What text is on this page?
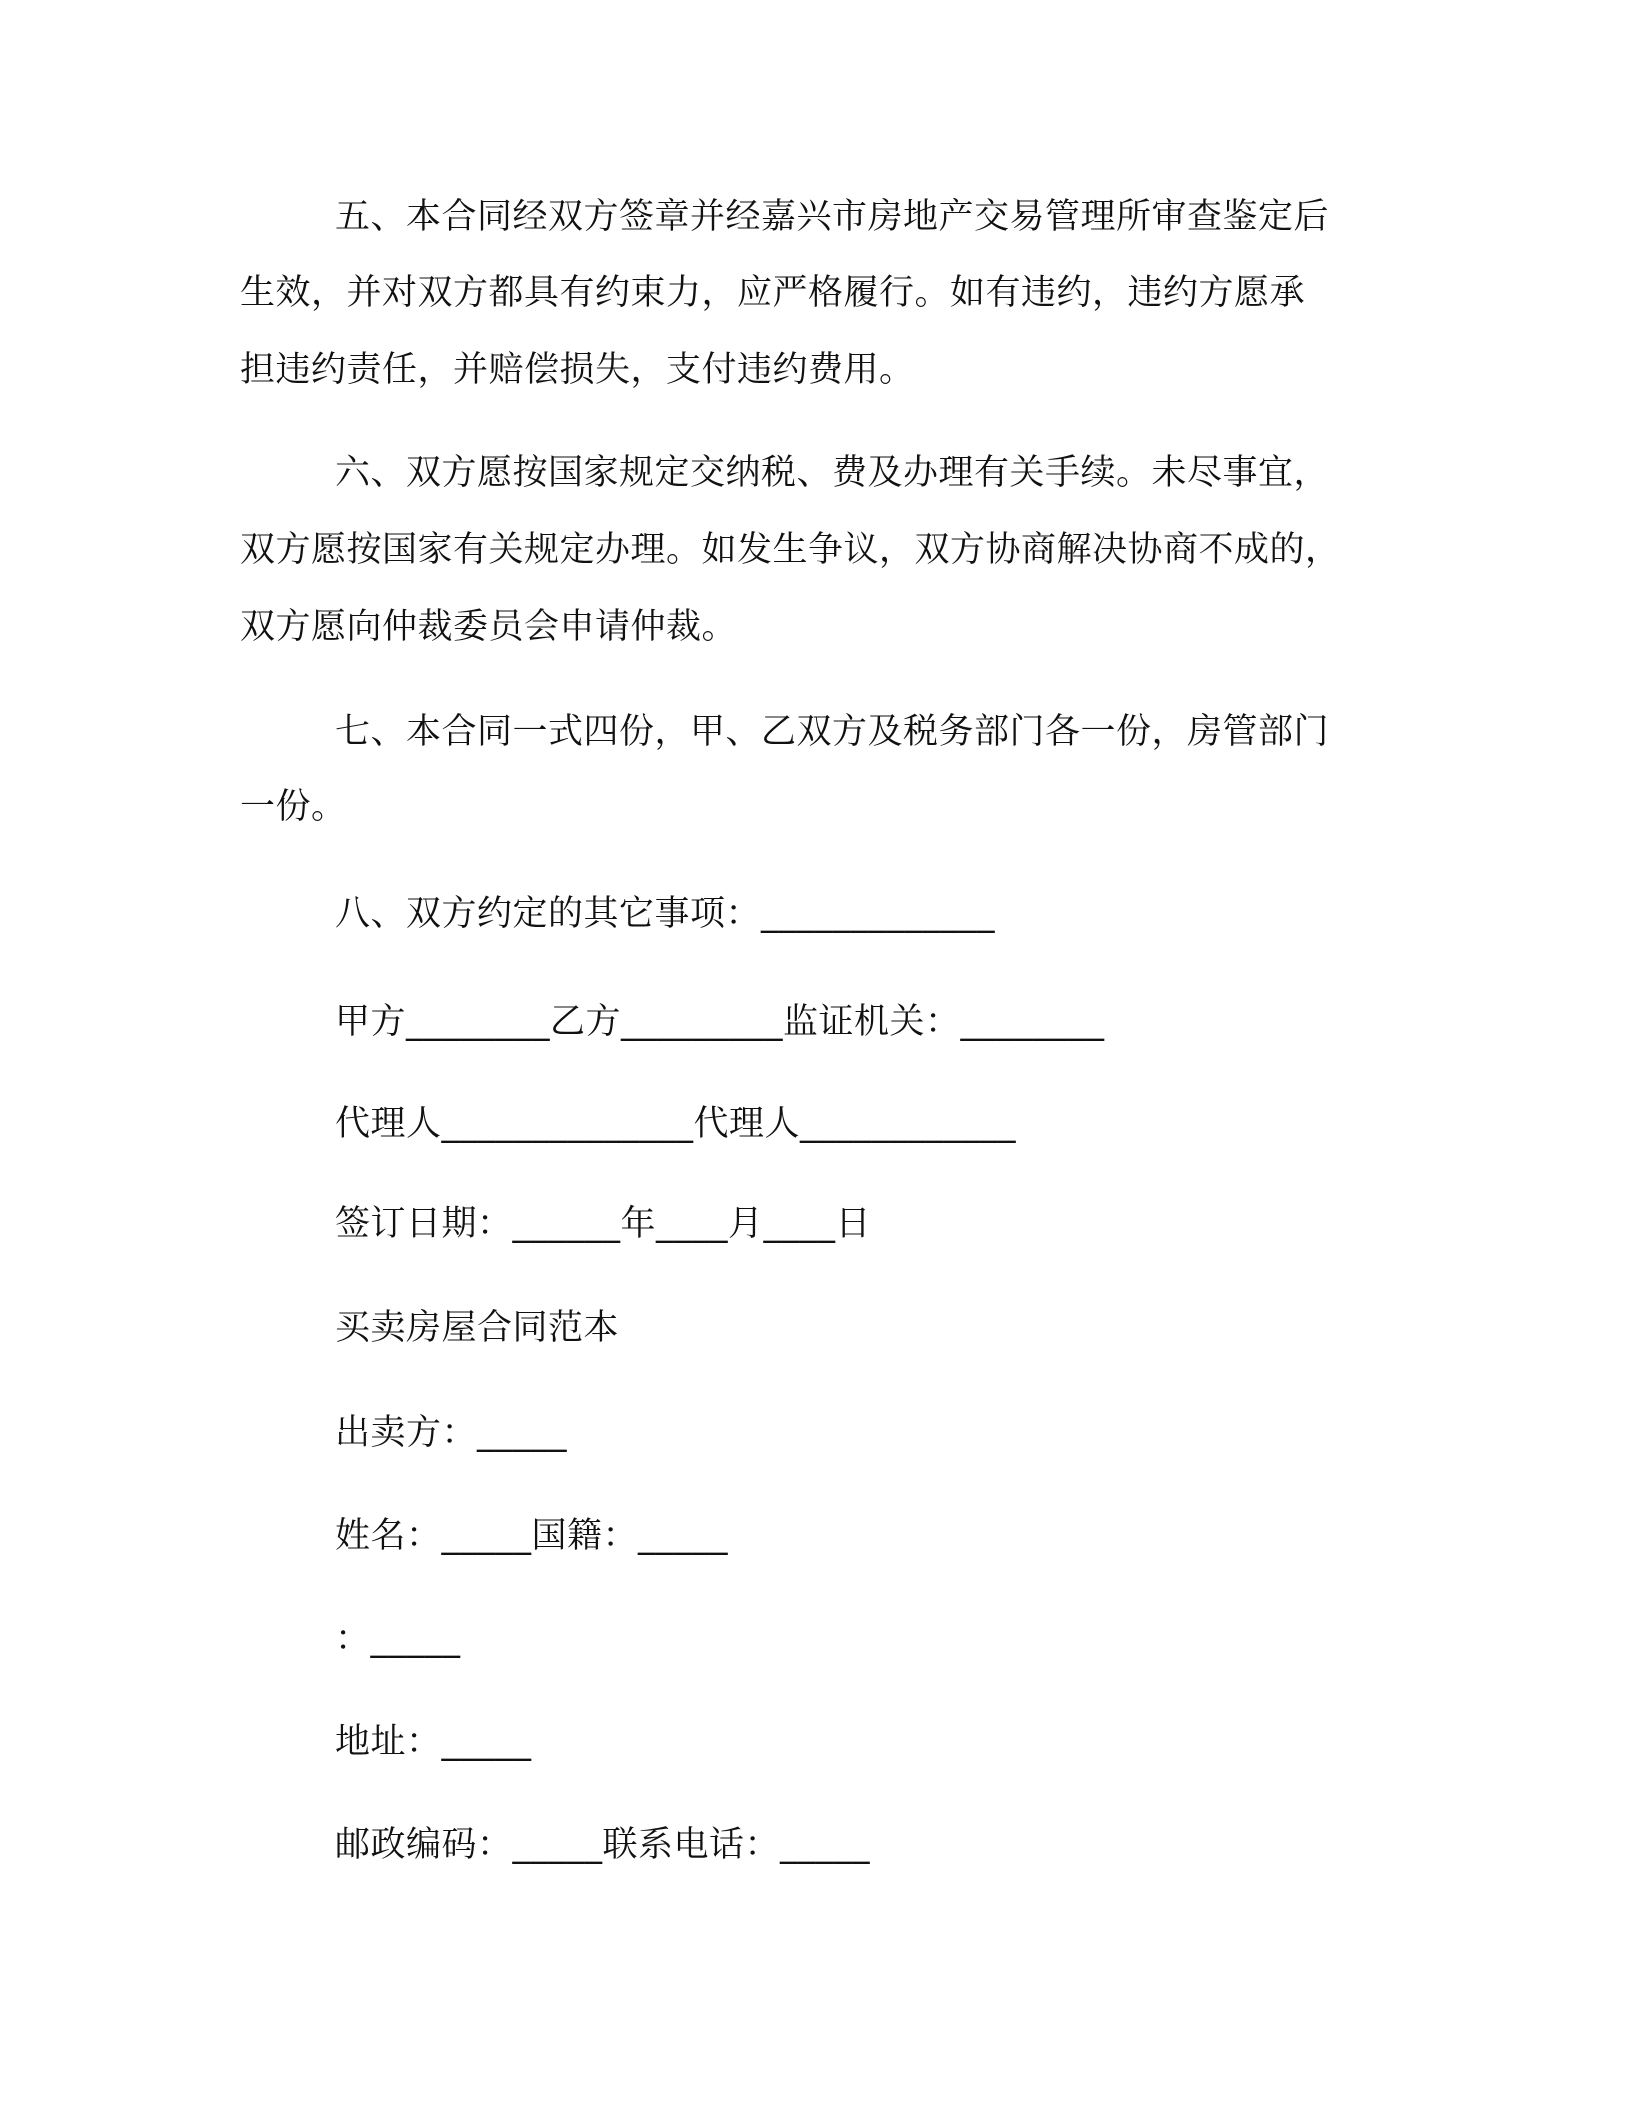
五、本合同经双方签章并经嘉兴市房地产交易管理所审查鉴定后
生效，并对双方都具有约束力，应严格履行。如有违约，违约方愿承
担违约责任，并赔偿损失，支付违约费用。
六、双方愿按国家规定交纳税、费及办理有关手续。未尽事宜，
双方愿按国家有关规定办理。如发生争议，双方协商解决协商不成的，
双方愿向仲裁委员会申请仲裁。
七、本合同一式四份，甲、乙双方及税务部门各一份，房管部门
一份。
八、双方约定的其它事项：_____________
甲方________乙方_________监证机关：________
代理人______________代理人____________
签订日期：______年____月____日
买卖房屋合同范本
出卖方：_____
姓名：_____国籍：_____
：_____
地址：_____
邮政编码：_____联系电话：_____
